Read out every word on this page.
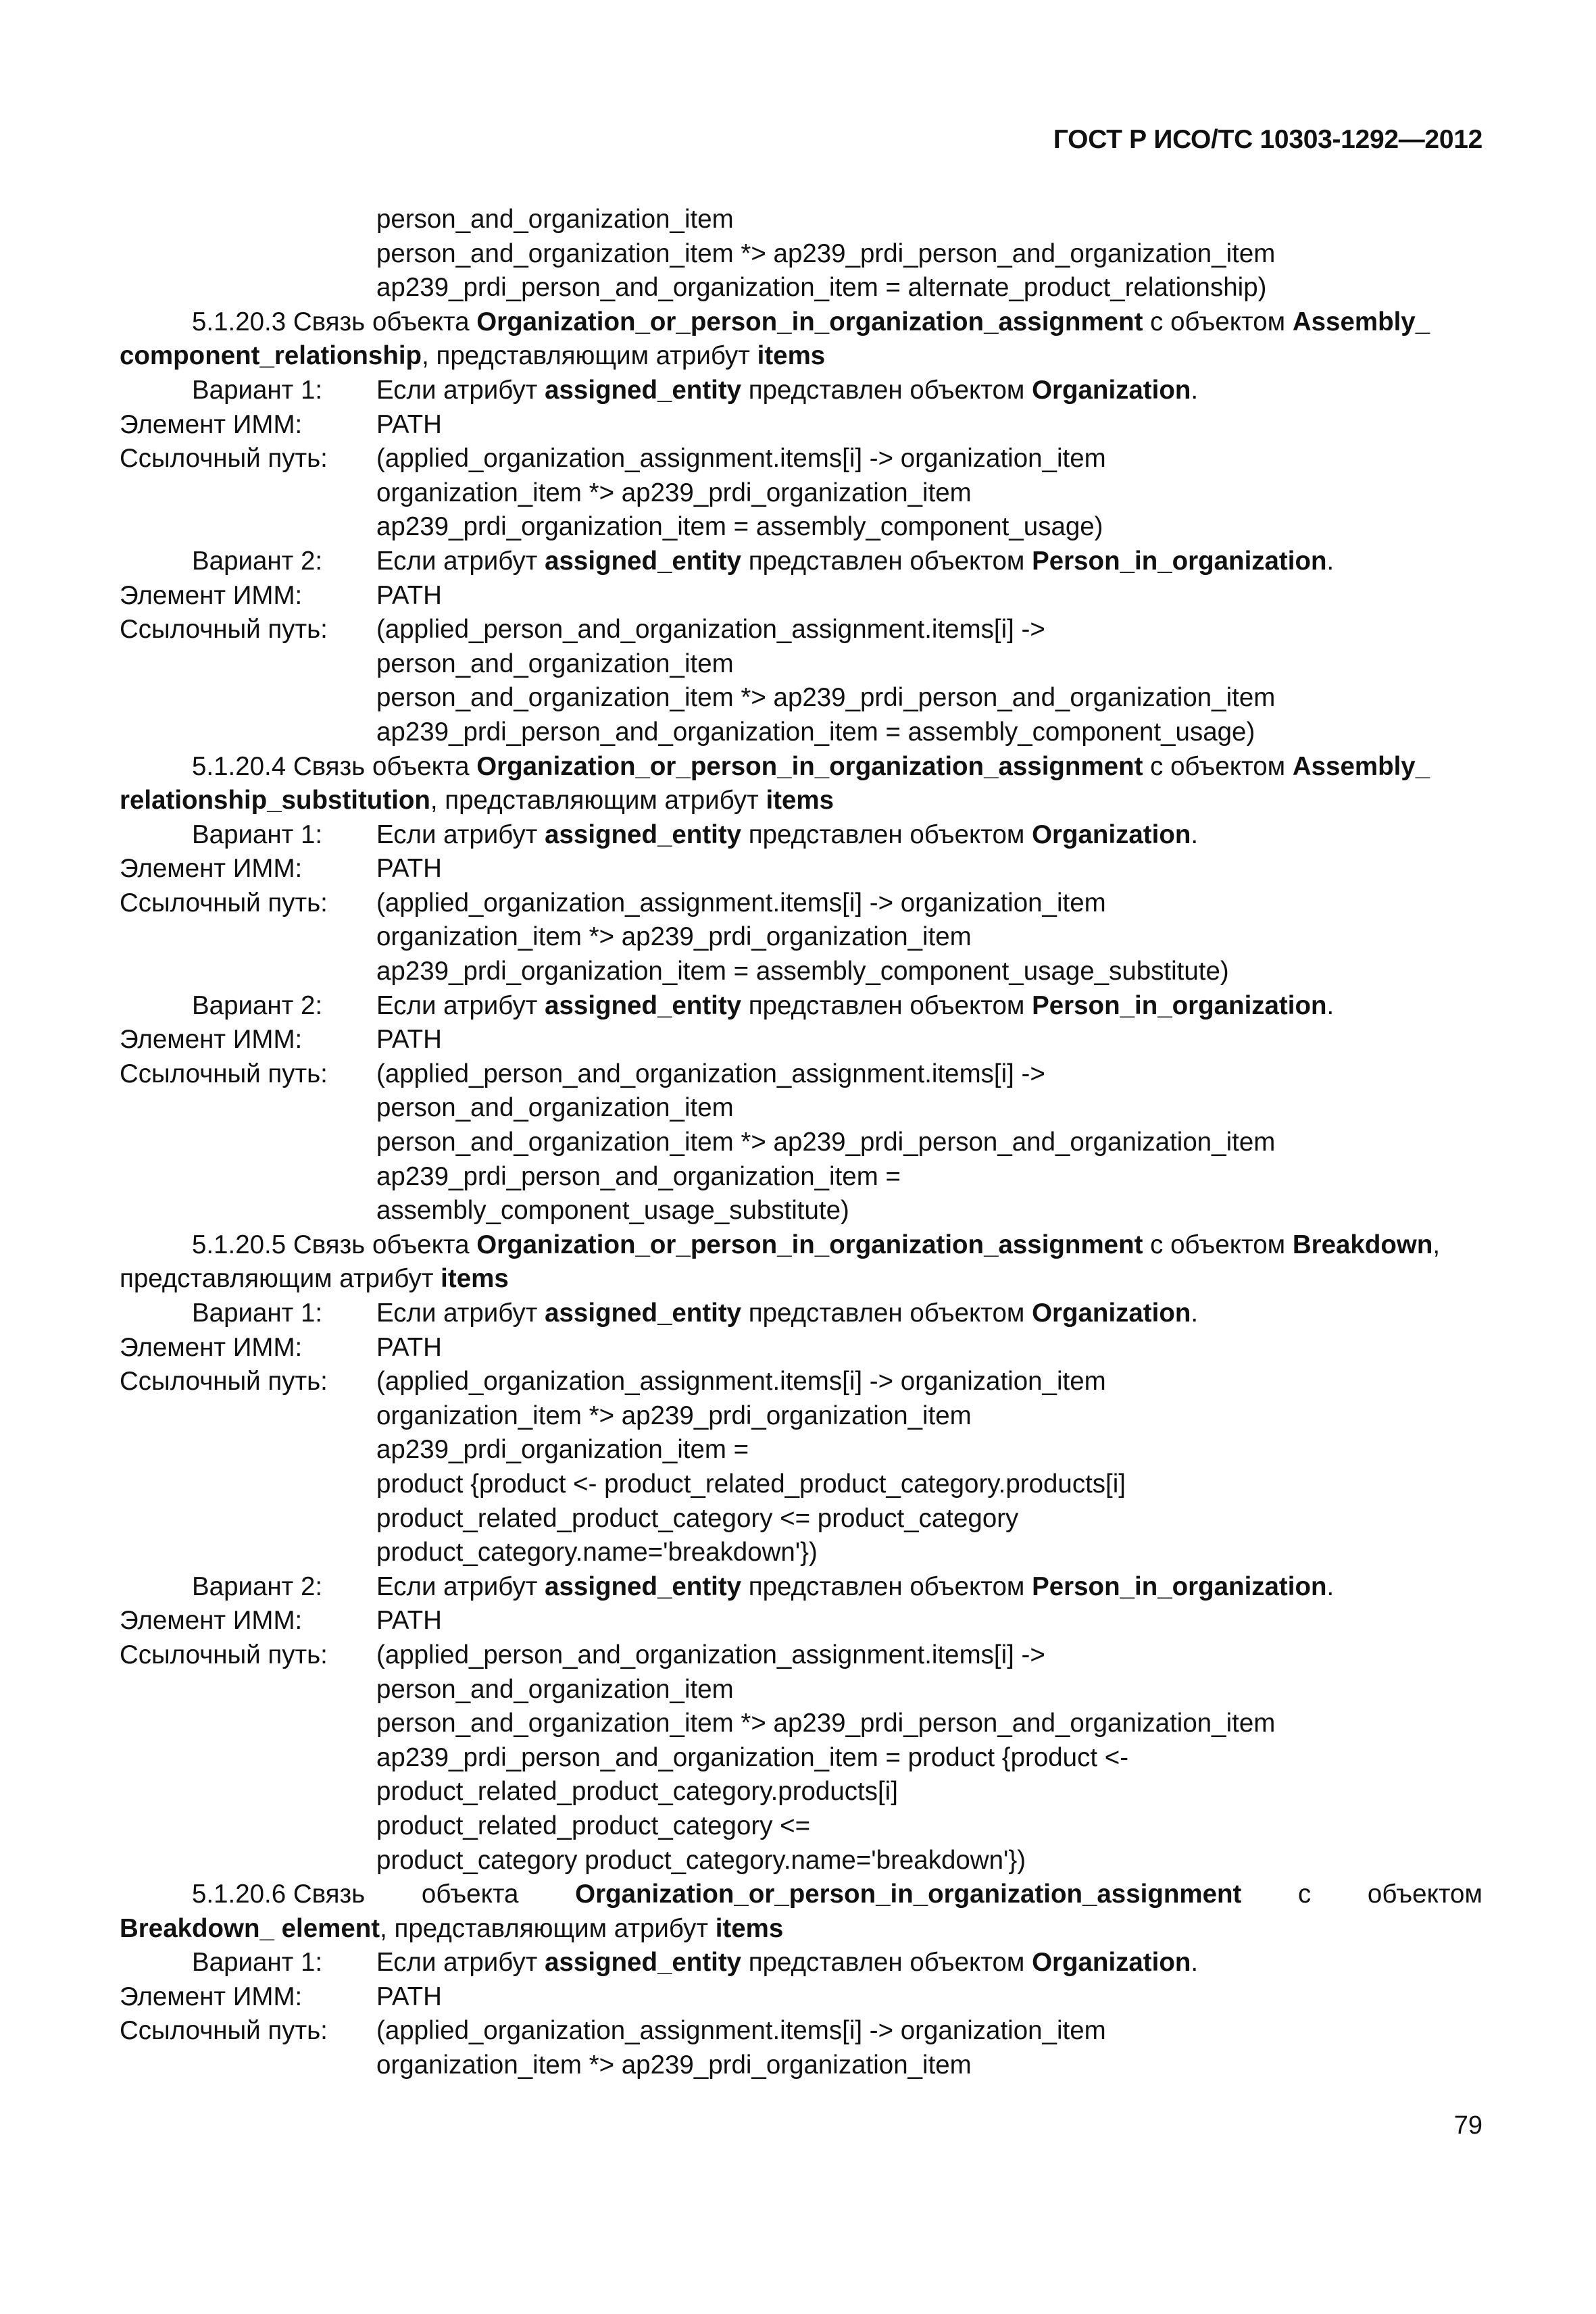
ГОСТ Р ИСО/ТС 10303-1292—2012
person_and_organization_item
person_and_organization_item *> ap239_prdi_person_and_organization_item
ap239_prdi_person_and_organization_item = alternate_product_relationship)
5.1.20.3 Связь объекта Organization_or_person_in_organization_assignment с объектом Assembly_
component_relationship, представляющим атрибут items
Вариант 1: Если атрибут assigned_entity представлен объектом Organization.
Элемент ИММ:	PATH
Ссылочный путь: (applied_organization_assignment.items[i] -> organization_item
organization_item *> ap239_prdi_organization_item
ap239_prdi_organization_item = assembly_component_usage)
Вариант 2: Если атрибут assigned_entity представлен объектом Person_in_organization.
Элемент ИММ:	PATH
Ссылочный путь: (applied_person_and_organization_assignment.items[i] ->
person_and_organization_item
person_and_organization_item *> ap239_prdi_person_and_organization_item
ap239_prdi_person_and_organization_item = assembly_component_usage)
5.1.20.4 Связь объекта Organization_or_person_in_organization_assignment с объектом Assembly_
relationship_substitution, представляющим атрибут items
Вариант 1: Если атрибут assigned_entity представлен объектом Organization.
Элемент ИММ:	PATH
Ссылочный путь: (applied_organization_assignment.items[i] -> organization_item
organization_item *> ap239_prdi_organization_item
ap239_prdi_organization_item = assembly_component_usage_substitute)
Вариант 2: Если атрибут assigned_entity представлен объектом Person_in_organization.
Элемент ИММ:	PATH
Ссылочный путь: (applied_person_and_organization_assignment.items[i] ->
person_and_organization_item
person_and_organization_item *> ap239_prdi_person_and_organization_item
ap239_prdi_person_and_organization_item =
assembly_component_usage_substitute)
5.1.20.5 Связь объекта Organization_or_person_in_organization_assignment с объектом Breakdown,
представляющим атрибут items
Вариант 1: Если атрибут assigned_entity представлен объектом Organization.
Элемент ИММ:	PATH
Ссылочный путь: (applied_organization_assignment.items[i] -> organization_item
organization_item *> ap239_prdi_organization_item
ap239_prdi_organization_item =
product {product <- product_related_product_category.products[i]
product_related_product_category <= product_category
product_category.name='breakdown'})
Вариант 2: Если атрибут assigned_entity представлен объектом Person_in_organization.
Элемент ИММ:	PATH
Ссылочный путь: (applied_person_and_organization_assignment.items[i] ->
person_and_organization_item
person_and_organization_item *> ap239_prdi_person_and_organization_item
ap239_prdi_person_and_organization_item = product {product <-
product_related_product_category.products[i]
product_related_product_category <=
product_category product_category.name='breakdown'})
5.1.20.6 Связь объекта Organization_or_person_in_organization_assignment с объектом
Breakdown_ element, представляющим атрибут items
Вариант 1: Если атрибут assigned_entity представлен объектом Organization.
Элемент ИММ:	PATH
Ссылочный путь: (applied_organization_assignment.items[i] -> organization_item
organization_item *> ap239_prdi_organization_item
79
